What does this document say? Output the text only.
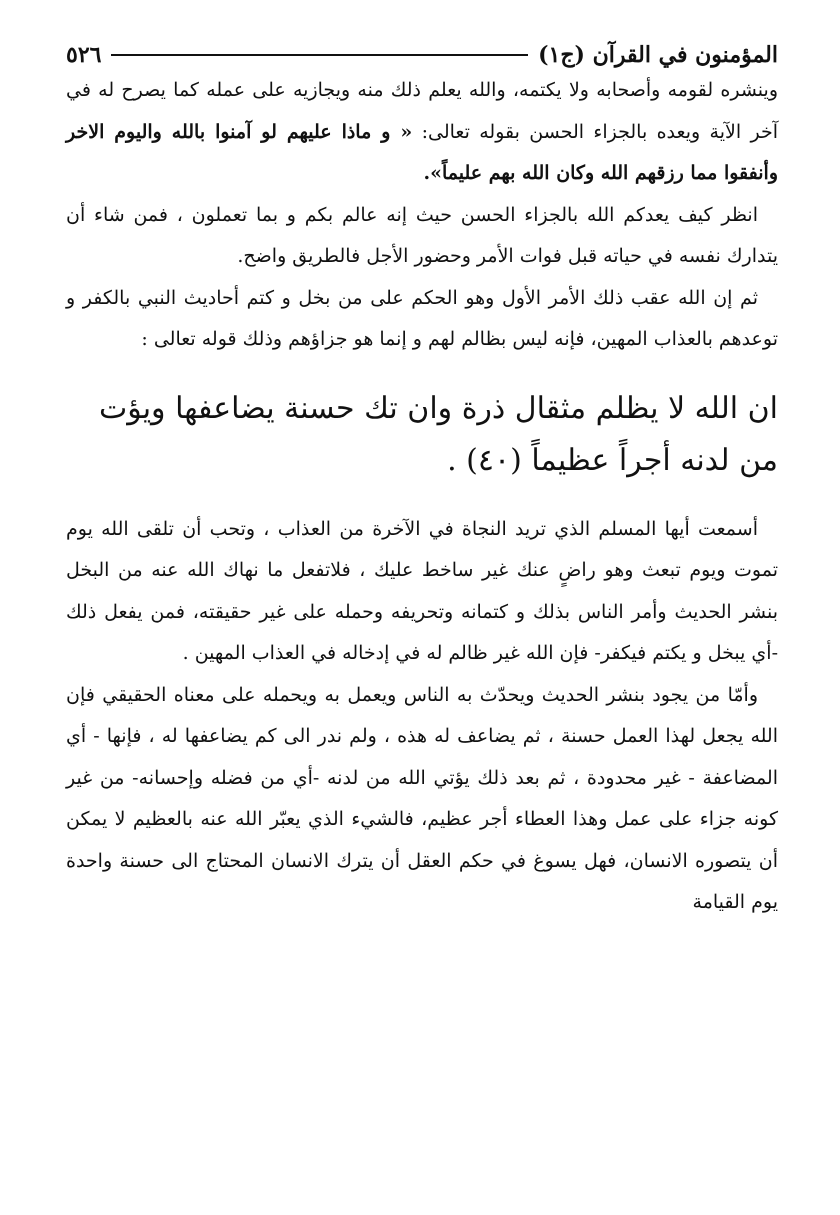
المؤمنون في القرآن (ج١)
٥٢٦

وينشره لقومه وأصحابه ولا يكتمه، والله يعلم ذلك منه ويجازيه على عمله كما يصرح له في آخر الآية ويعده بالجزاء الحسن بقوله تعالى: « و ماذا عليهم لو آمنوا بالله واليوم الاخر وأنفقوا مما رزقهم الله وكان الله بهم عليماً».

انظر كيف يعدكم الله بالجزاء الحسن حيث إنه عالم بكم و بما تعملون ، فمن شاء أن يتدارك نفسه في حياته قبل فوات الأمر وحضور الأجل فالطريق واضح.

ثم إن الله عقب ذلك الأمر الأول وهو الحكم على من بخل و كتم أحاديث النبي بالكفر و توعدهم بالعذاب المهين، فإنه ليس بظالم لهم و إنما هو جزاؤهم وذلك قوله تعالى :

ان الله لا يظلم مثقال ذرة وان تك حسنة يضاعفها ويؤت من لدنه أجراً عظيماً (٤٠) .

أسمعت أيها المسلم الذي تريد النجاة في الآخرة من العذاب ، وتحب أن تلقى الله يوم تموت ويوم تبعث وهو راضٍ عنك غير ساخط عليك ، فلاتفعل ما نهاك الله عنه من البخل بنشر الحديث وأمر الناس بذلك و كتمانه وتحريفه وحمله على غير حقيقته، فمن يفعل ذلك -أي يبخل و يكتم فيكفر- فإن الله غير ظالم له في إدخاله في العذاب المهين .

وأمّا من يجود بنشر الحديث ويحدّث به الناس ويعمل به ويحمله على معناه الحقيقي فإن الله يجعل لهذا العمل حسنة ، ثم يضاعف له هذه ، ولم ندر الى كم يضاعفها له ، فإنها - أي المضاعفة - غير محدودة ، ثم بعد ذلك يؤتي الله من لدنه -أي من فضله وإحسانه- من غير كونه جزاء على عمل وهذا العطاء أجر عظيم، فالشيء الذي يعبّر الله عنه بالعظيم لا يمكن أن يتصوره الانسان، فهل يسوغ في حكم العقل أن يترك الانسان المحتاج الى حسنة واحدة يوم القيامة
